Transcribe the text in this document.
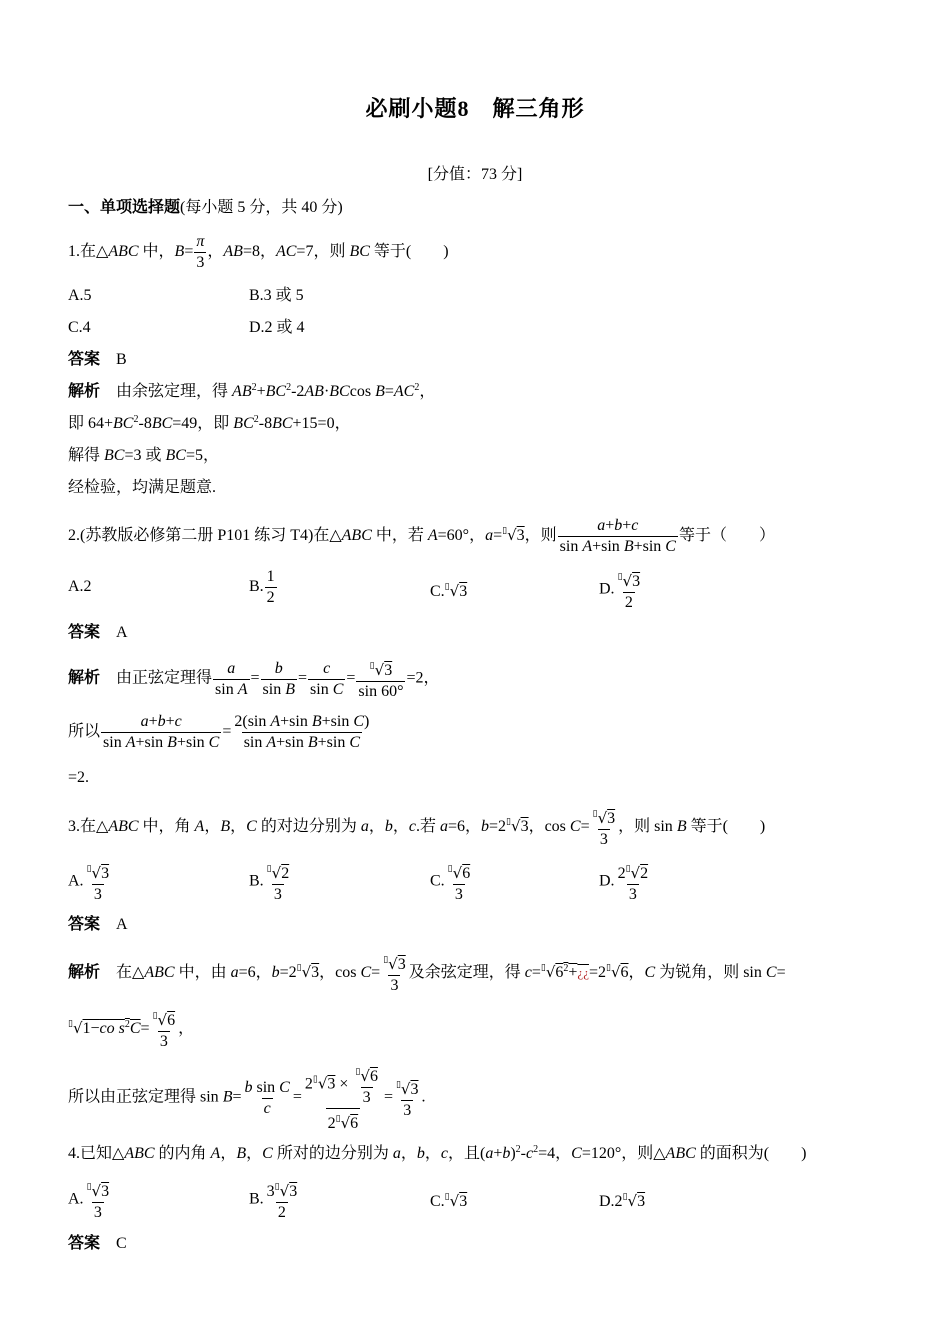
必刷小题8　解三角形
[分值：73 分]
一、单项选择题(每小题 5 分，共 40 分)
1.在△ABC 中，$B= \frac{\pi}{3}$ ，AB=8，AC=7，则 BC 等于(　　)
A.5	B.3 或 5
C.4	D.2 或 4
答案　 B
解析　 由余弦定理，得 $AB^2+BC^2-2AB\cdot BCcos$ $B=AC^2$，
即 $64+BC^2-8BC=49$，即 $BC^2-8BC+15=0$，
解得 BC=3 或 BC=5，
经检验，均满足题意.
2.(苏教版必修第二册 P101 练习 T4)在△ABC 中，若 A=60°，a=▯√3，则 $\frac{a+b+c}{\text{sin A+sin B+sin C}}$ 等于（　　）
A.2	B. $\frac{1}{2}$	C.▯√3	D. $\frac{^▯√3}{2}$
答案　 A
解析　 由正弦定理得 $\frac{a}{\text{sin A}} = \frac{b}{\text{sin B}} = \frac{c}{\text{sin C}} = \frac{^▯√3}{\sin 60^\circ} =2$，
所以 $\frac{a+b+c}{\text{sin A+sin B+sin C}} = \frac{\text{2(sin A+sin B+sin C)}}{\text{sin A+sin B+sin C}}$
=2.
3.在△ABC 中，角 A，B，C 的对边分别为 a，b，c.若 a=6，b=2▯√3，$\cos C= \frac{^▯√3}{3}$ ，则 sin B 等于(　　)
A. $\frac{^▯√3}{3}$	B. $\frac{^▯√2}{3}$	C. $\frac{^▯√6}{3}$	D. $\frac{2^▯√2}{3}$
答案　 A
解析　 在△ABC 中，由 a=6，b=2▯√3，$\cos C= \frac{^▯√3}{3}$ 及余弦定理，得 $c=^▯√6^2+¿¿=2^▯√6$，C 为锐角，则 sin C=
▯√1−co $s^2C= \frac{^▯√6}{3}$ ，
所以由正弦定理得 $\sin B= \frac{\text{b sin C}}{c} = \frac{2^▯√3 \times \frac{^▯√6}{3}}{2^▯√6} = \frac{^▯√3}{3}$ .
4.已知△ABC 的内角 A，B，C 所对的边分别为 a，b，c，且$(a+b)^2-c^2=4$，C=120°，则△ABC 的面积为(　　)
A. $\frac{^▯√3}{3}$	B. $\frac{3^▯√3}{2}$	C.▯√3	D.2▯√3
答案　 C
